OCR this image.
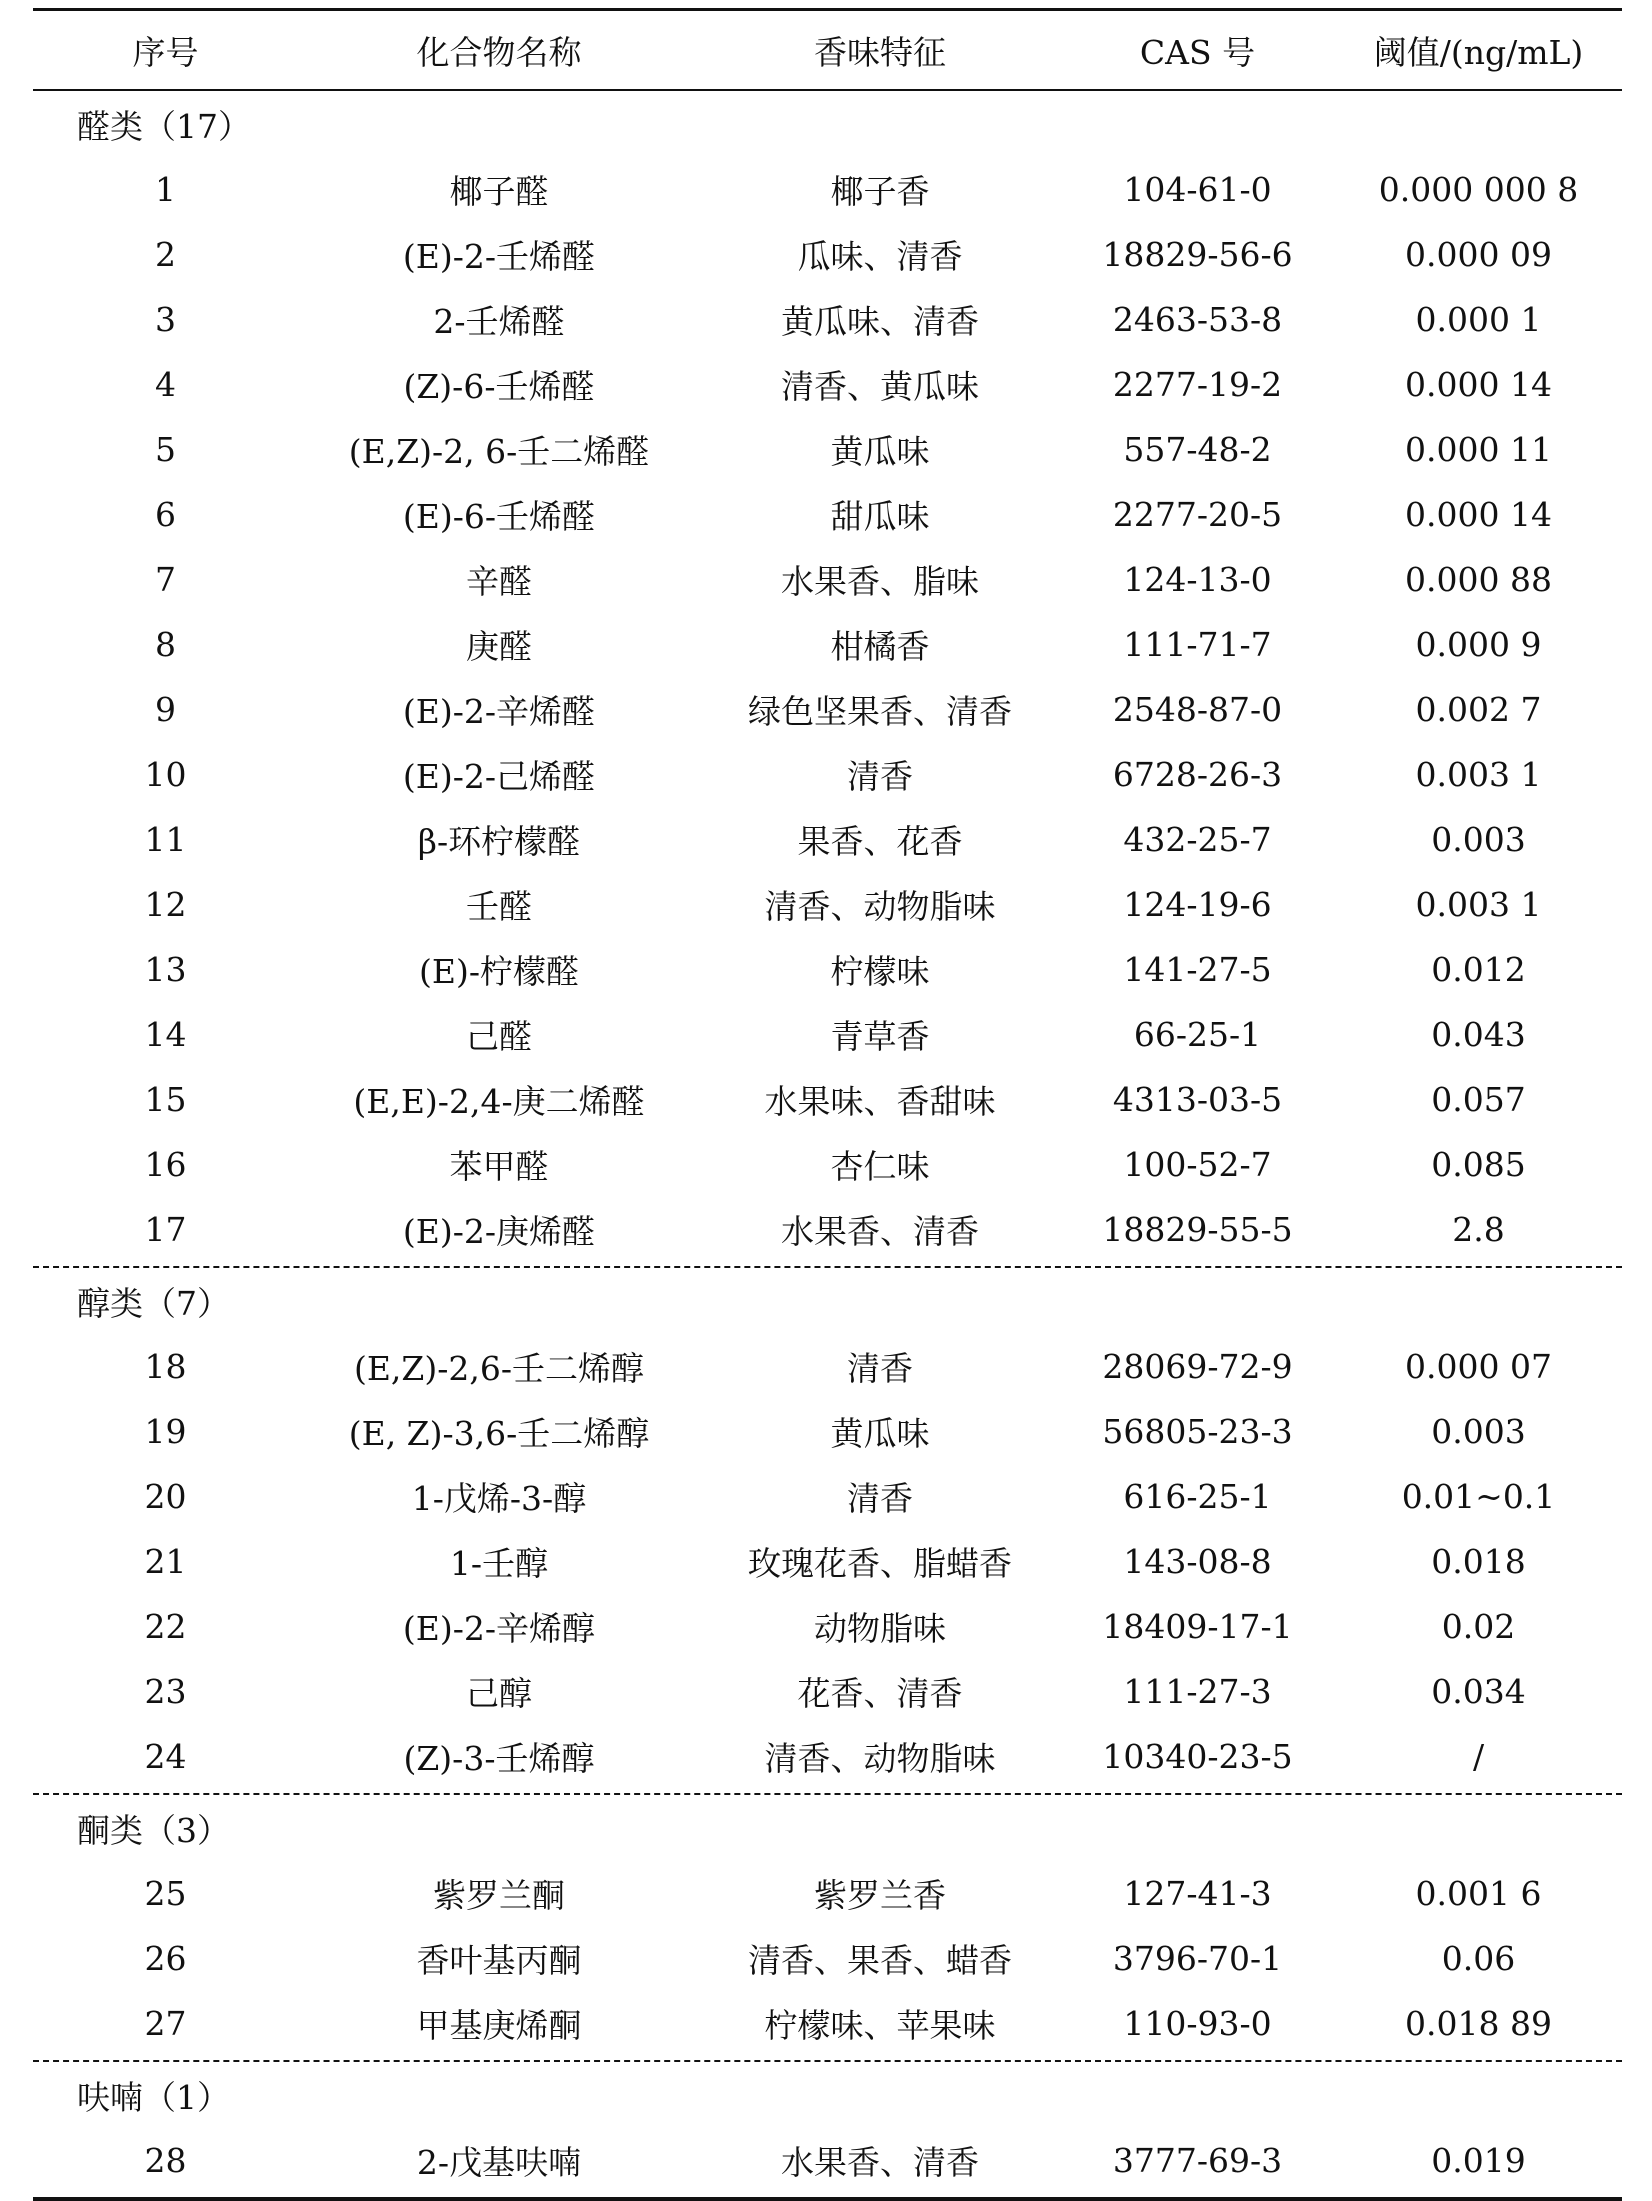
序号	化合物名称	香味特征	CAS 号	阈值/(ng/mL)
醛类（17）
1	椰子醛	椰子香	104-61-0	0.000 000 8
2	(E)-2-壬烯醛	瓜味、清香	18829-56-6	0.000 09
3	2-壬烯醛	黄瓜味、清香	2463-53-8	0.000 1
4	(Z)-6-壬烯醛	清香、黄瓜味	2277-19-2	0.000 14
5	(E,Z)-2, 6-壬二烯醛	黄瓜味	557-48-2	0.000 11
6	(E)-6-壬烯醛	甜瓜味	2277-20-5	0.000 14
7	辛醛	水果香、脂味	124-13-0	0.000 88
8	庚醛	柑橘香	111-71-7	0.000 9
9	(E)-2-辛烯醛	绿色坚果香、清香	2548-87-0	0.002 7
10	(E)-2-己烯醛	清香	6728-26-3	0.003 1
11	β-环柠檬醛	果香、花香	432-25-7	0.003
12	壬醛	清香、动物脂味	124-19-6	0.003 1
13	(E)-柠檬醛	柠檬味	141-27-5	0.012
14	己醛	青草香	66-25-1	0.043
15	(E,E)-2,4-庚二烯醛	水果味、香甜味	4313-03-5	0.057
16	苯甲醛	杏仁味	100-52-7	0.085
17	(E)-2-庚烯醛	水果香、清香	18829-55-5	2.8
醇类（7）
18	(E,Z)-2,6-壬二烯醇	清香	28069-72-9	0.000 07
19	(E, Z)-3,6-壬二烯醇	黄瓜味	56805-23-3	0.003
20	1-戊烯-3-醇	清香	616-25-1	0.01~0.1
21	1-壬醇	玫瑰花香、脂蜡香	143-08-8	0.018
22	(E)-2-辛烯醇	动物脂味	18409-17-1	0.02
23	己醇	花香、清香	111-27-3	0.034
24	(Z)-3-壬烯醇	清香、动物脂味	10340-23-5	/
酮类（3）
25	紫罗兰酮	紫罗兰香	127-41-3	0.001 6
26	香叶基丙酮	清香、果香、蜡香	3796-70-1	0.06
27	甲基庚烯酮	柠檬味、苹果味	110-93-0	0.018 89
呋喃（1）
28	2-戊基呋喃	水果香、清香	3777-69-3	0.019
